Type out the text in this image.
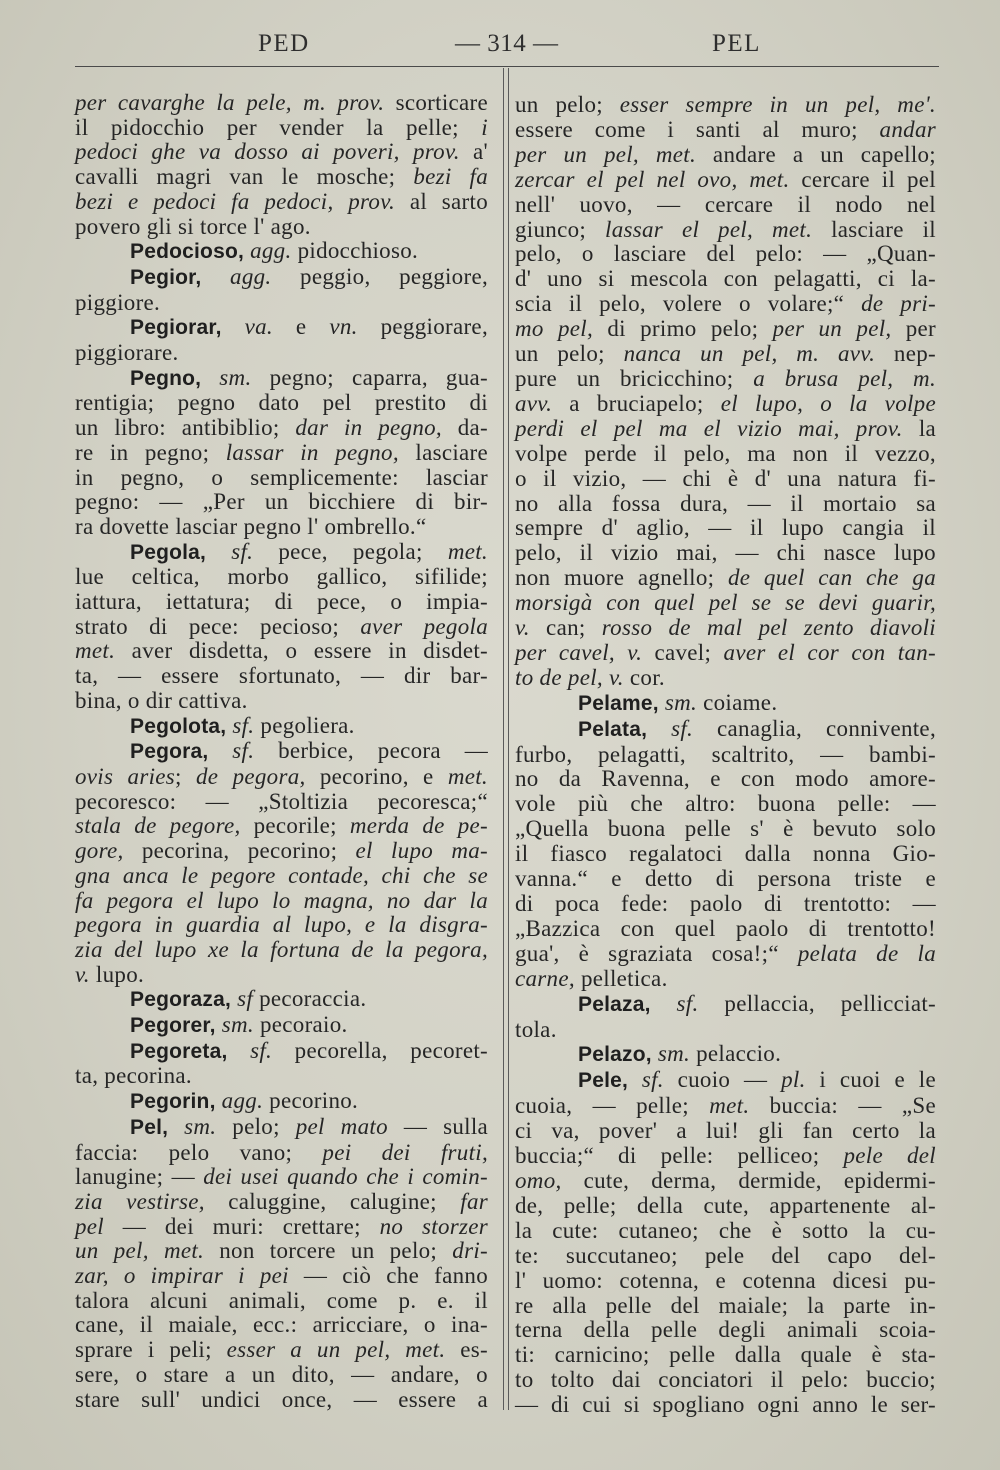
PED	— 314 —	PEL
per cavarghe la pele, m. prov. scorticare
il pidocchio per vender la pelle; i
pedoci ghe va dosso ai poveri, prov. a'
cavalli magri van le mosche; bezi fa
bezi e pedoci fa pedoci, prov. al sarto
povero gli si torce l' ago.
Pedocioso, agg. pidocchioso.
Pegior, agg. peggio, peggiore,
piggiore.
Pegiorar, va. e vn. peggiorare,
piggiorare.
Pegno, sm. pegno; caparra, gua-
rentigia; pegno dato pel prestito di
un libro: antibiblio; dar in pegno, da-
re in pegno; lassar in pegno, lasciare
in pegno, o semplicemente: lasciar
pegno: — „Per un bicchiere di bir-
ra dovette lasciar pegno l' ombrello.“
Pegola, sf. pece, pegola; met.
lue celtica, morbo gallico, sifilide;
iattura, iettatura; di pece, o impia-
strato di pece: pecioso; aver pegola
met. aver disdetta, o essere in disdet-
ta, — essere sfortunato, — dir bar-
bina, o dir cattiva.
Pegolota, sf. pegoliera.
Pegora, sf. berbice, pecora —
ovis aries; de pegora, pecorino, e met.
pecoresco: — „Stoltizia pecoresca;“
stala de pegore, pecorile; merda de pe-
gore, pecorina, pecorino; el lupo ma-
gna anca le pegore contade, chi che se
fa pegora el lupo lo magna, no dar la
pegora in guardia al lupo, e la disgra-
zia del lupo xe la fortuna de la pegora,
v. lupo.
Pegoraza, sf pecoraccia.
Pegorer, sm. pecoraio.
Pegoreta, sf. pecorella, pecoret-
ta, pecorina.
Pegorin, agg. pecorino.
Pel, sm. pelo; pel mato — sulla
faccia: pelo vano; pei dei fruti,
lanugine; — dei usei quando che i comin-
zia vestirse, caluggine, calugine; far
pel — dei muri: crettare; no storzer
un pel, met. non torcere un pelo; dri-
zar, o impirar i pei — ciò che fanno
talora alcuni animali, come p. e. il
cane, il maiale, ecc.: arricciare, o ina-
sprare i peli; esser a un pel, met. es-
sere, o stare a un dito, — andare, o
stare sull' undici once, — essere a
un pelo; esser sempre in un pel, me'.
essere come i santi al muro; andar
per un pel, met. andare a un capello;
zercar el pel nel ovo, met. cercare il pel
nell' uovo, — cercare il nodo nel
giunco; lassar el pel, met. lasciare il
pelo, o lasciare del pelo: — „Quan-
d' uno si mescola con pelagatti, ci la-
scia il pelo, volere o volare;“ de pri-
mo pel, di primo pelo; per un pel, per
un pelo; nanca un pel, m. avv. nep-
pure un bricicchino; a brusa pel, m.
avv. a bruciapelo; el lupo, o la volpe
perdi el pel ma el vizio mai, prov. la
volpe perde il pelo, ma non il vezzo,
o il vizio, — chi è d' una natura fi-
no alla fossa dura, — il mortaio sa
sempre d' aglio, — il lupo cangia il
pelo, il vizio mai, — chi nasce lupo
non muore agnello; de quel can che ga
morsigà con quel pel se se devi guarir,
v. can; rosso de mal pel zento diavoli
per cavel, v. cavel; aver el cor con tan-
to de pel, v. cor.
Pelame, sm. coiame.
Pelata, sf. canaglia, connivente,
furbo, pelagatti, scaltrito, — bambi-
no da Ravenna, e con modo amore-
vole più che altro: buona pelle: —
„Quella buona pelle s' è bevuto solo
il fiasco regalatoci dalla nonna Gio-
vanna.“ e detto di persona triste e
di poca fede: paolo di trentotto: —
„Bazzica con quel paolo di trentotto!
gua', è sgraziata cosa!;“ pelata de la
carne, pelletica.
Pelaza, sf. pellaccia, pellicciat-
tola.
Pelazo, sm. pelaccio.
Pele, sf. cuoio — pl. i cuoi e le
cuoia, — pelle; met. buccia: — „Se
ci va, pover' a lui! gli fan certo la
buccia;“ di pelle: pelliceo; pele del
omo, cute, derma, dermide, epidermi-
de, pelle; della cute, appartenente al-
la cute: cutaneo; che è sotto la cu-
te: succutaneo; pele del capo del-
l' uomo: cotenna, e cotenna dicesi pu-
re alla pelle del maiale; la parte in-
terna della pelle degli animali scoia-
ti: carnicino; pelle dalla quale è sta-
to tolto dai conciatori il pelo: buccio;
— di cui si spogliano ogni anno le ser-
